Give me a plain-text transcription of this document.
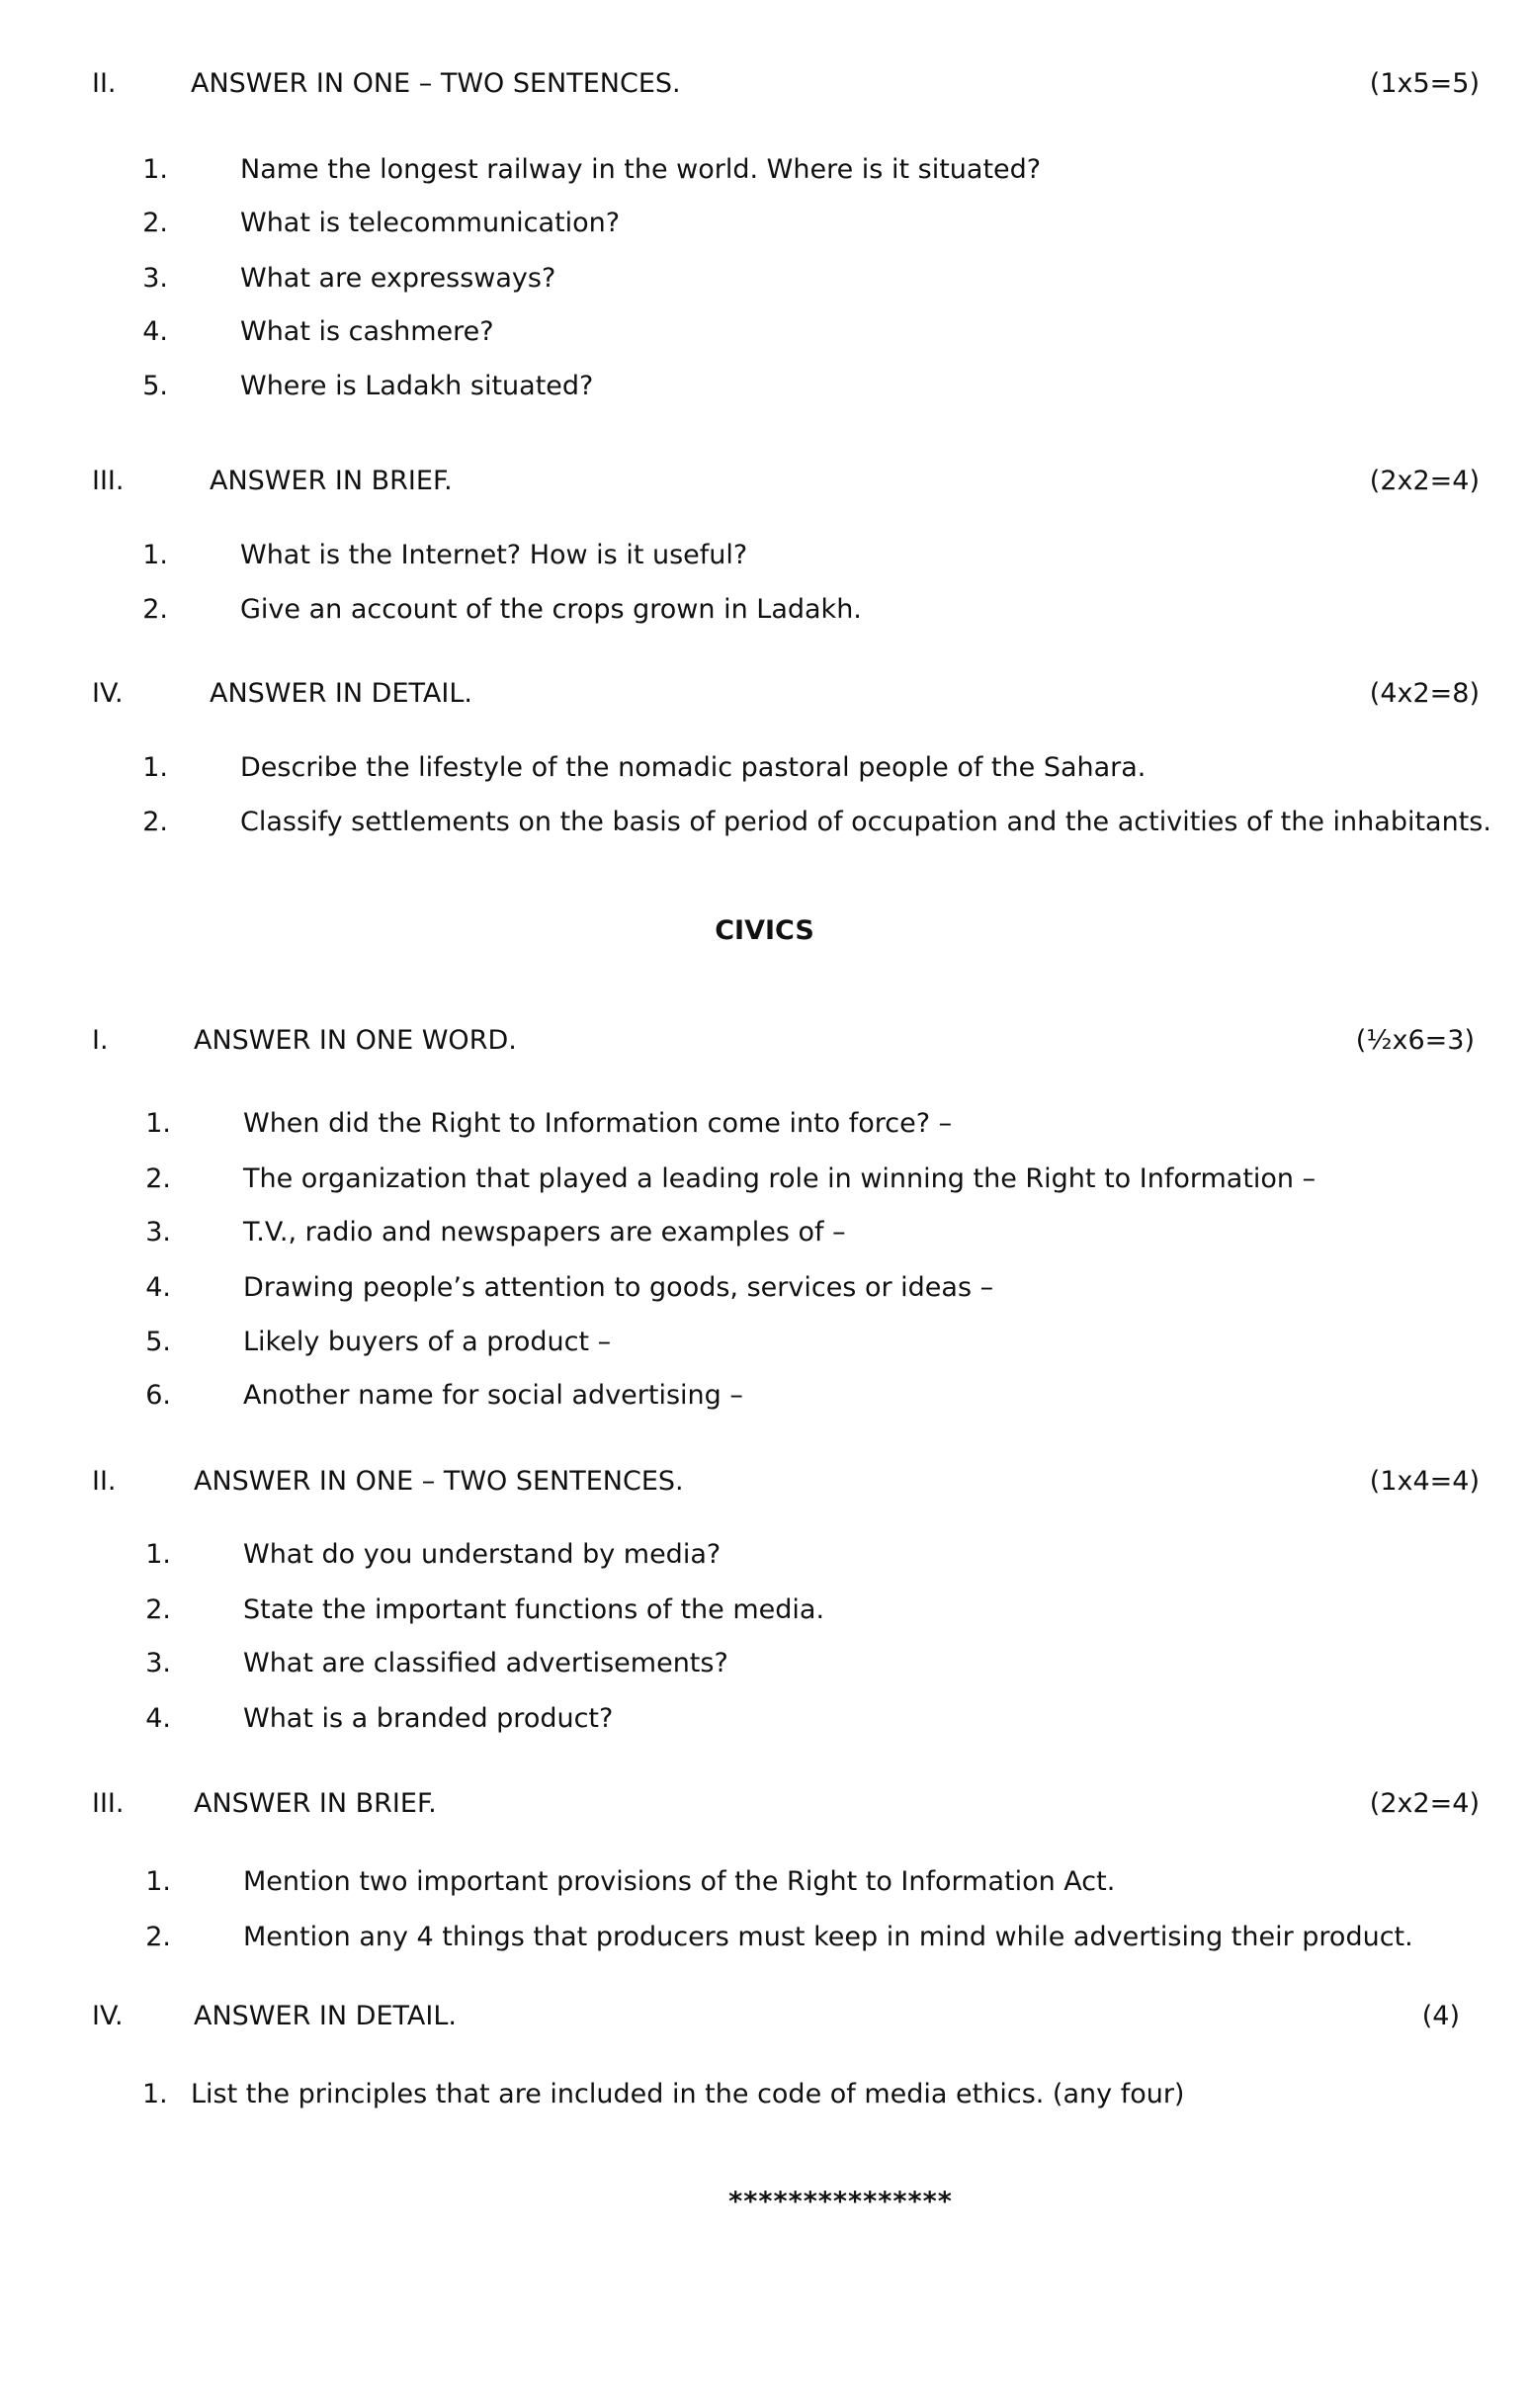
CIVICS
***************
II.	ANSWER IN ONE – TWO SENTENCES.	(1x5=5)
1.	Name the longest railway in the world. Where is it situated?
2.	What is telecommunication?
3.	What are expressways?
4.	What is cashmere?
5.	Where is Ladakh situated?
III.	ANSWER IN BRIEF.	(2x2=4)
1.	What is the Internet? How is it useful?
2.	Give an account of the crops grown in Ladakh.
IV.	ANSWER IN DETAIL.	(4x2=8)
1.	Describe the lifestyle of the nomadic pastoral people of the Sahara.
2.	Classify settlements on the basis of period of occupation and the activities of the inhabitants.
I.	ANSWER IN ONE WORD.	(½x6=3)
1.	When did the Right to Information come into force? –
2.	The organization that played a leading role in winning the Right to Information –
3.	T.V., radio and newspapers are examples of –
4.	Drawing people’s attention to goods, services or ideas –
5.	Likely buyers of a product –
6.	Another name for social advertising –
II.	ANSWER IN ONE – TWO SENTENCES.	(1x4=4)
1.	What do you understand by media?
2.	State the important functions of the media.
3.	What are classified advertisements?
4.	What is a branded product?
III.	ANSWER IN BRIEF.	(2x2=4)
1.	Mention two important provisions of the Right to Information Act.
2.	Mention any 4 things that producers must keep in mind while advertising their product.
IV.	ANSWER IN DETAIL.	(4)
1. List the principles that are included in the code of media ethics. (any four)
